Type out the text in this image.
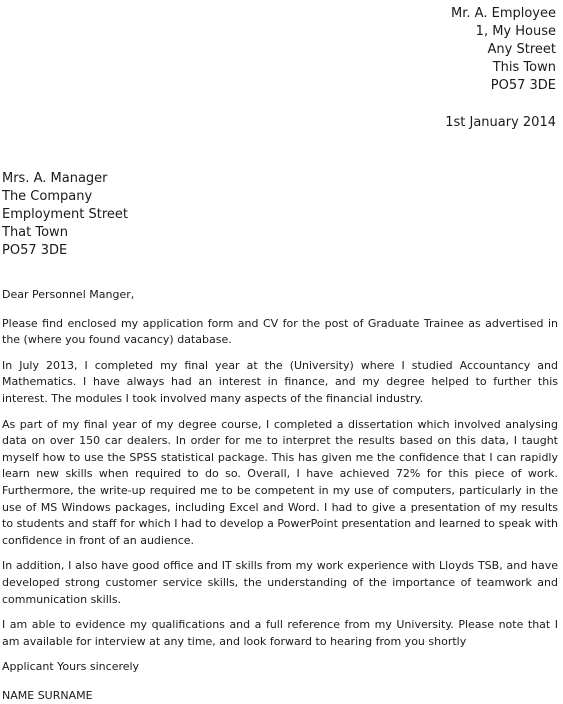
Mr. A. Employee
1, My House
Any Street
This Town
PO57 3DE
1st January 2014
Mrs. A. Manager
The Company
Employment Street
That Town
PO57 3DE

Dear Personnel Manger,

Please find enclosed my application form and CV for the post of Graduate Trainee as advertised in the (where you found vacancy) database.

In July 2013, I completed my final year at the (University) where I studied Accountancy and Mathematics. I have always had an interest in finance, and my degree helped to further this interest. The modules I took involved many aspects of the financial industry.

As part of my final year of my degree course, I completed a dissertation which involved analysing data on over 150 car dealers. In order for me to interpret the results based on this data, I taught myself how to use the SPSS statistical package. This has given me the confidence that I can rapidly learn new skills when required to do so. Overall, I have achieved 72% for this piece of work. Furthermore, the write-up required me to be competent in my use of computers, particularly in the use of MS Windows packages, including Excel and Word. I had to give a presentation of my results to students and staff for which I had to develop a PowerPoint presentation and learned to speak with confidence in front of an audience.

In addition, I also have good office and IT skills from my work experience with Lloyds TSB, and have developed strong customer service skills, the understanding of the importance of teamwork and communication skills.

I am able to evidence my qualifications and a full reference from my University. Please note that I am available for interview at any time, and look forward to hearing from you shortly

Applicant Yours sincerely

NAME SURNAME
